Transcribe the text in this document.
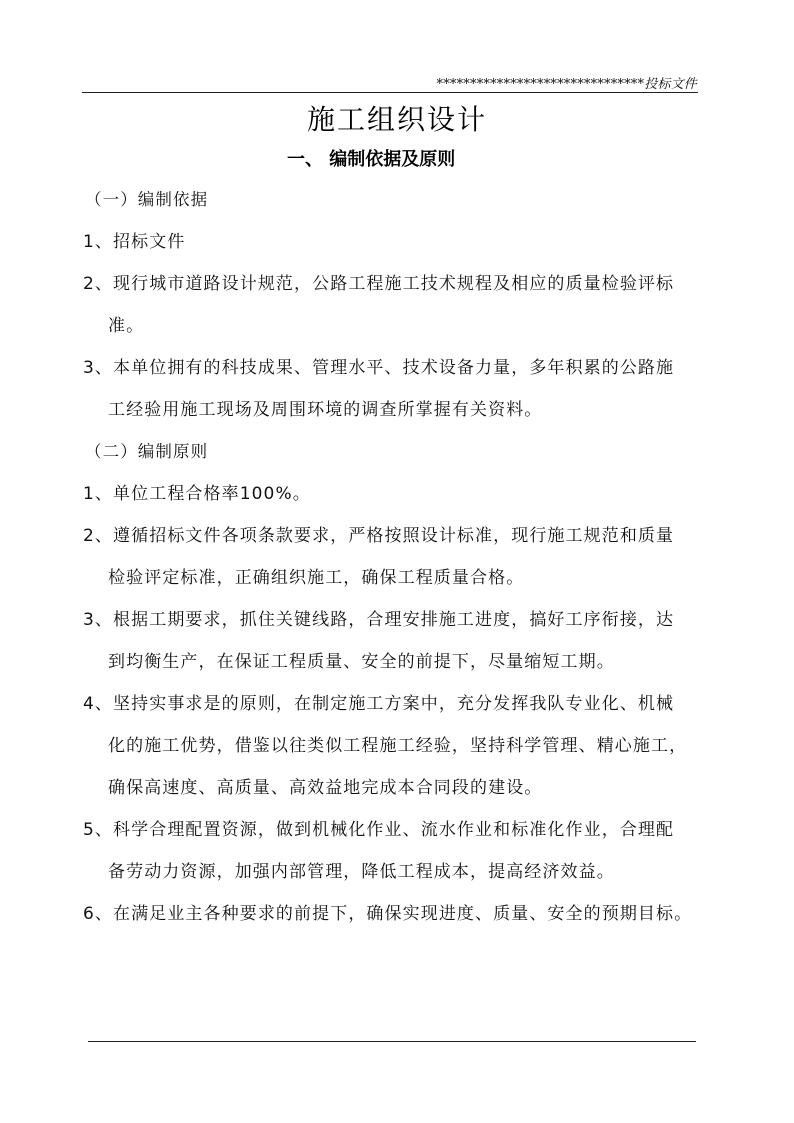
*******************************投标文件
施工组织设计
一、 编制依据及原则
（一）编制依据
1、招标文件
2、现行城市道路设计规范，公路工程施工技术规程及相应的质量检验评标
准。
3、本单位拥有的科技成果、管理水平、技术设备力量，多年积累的公路施
工经验用施工现场及周围环境的调查所掌握有关资料。
（二）编制原则
1、单位工程合格率100%。
2、遵循招标文件各项条款要求，严格按照设计标准，现行施工规范和质量
检验评定标准，正确组织施工，确保工程质量合格。
3、根据工期要求，抓住关键线路，合理安排施工进度，搞好工序衔接，达
到均衡生产，在保证工程质量、安全的前提下，尽量缩短工期。
4、坚持实事求是的原则，在制定施工方案中，充分发挥我队专业化、机械
化的施工优势，借鉴以往类似工程施工经验，坚持科学管理、精心施工，
确保高速度、高质量、高效益地完成本合同段的建设。
5、科学合理配置资源，做到机械化作业、流水作业和标准化作业，合理配
备劳动力资源，加强内部管理，降低工程成本，提高经济效益。
6、在满足业主各种要求的前提下，确保实现进度、质量、安全的预期目标。
